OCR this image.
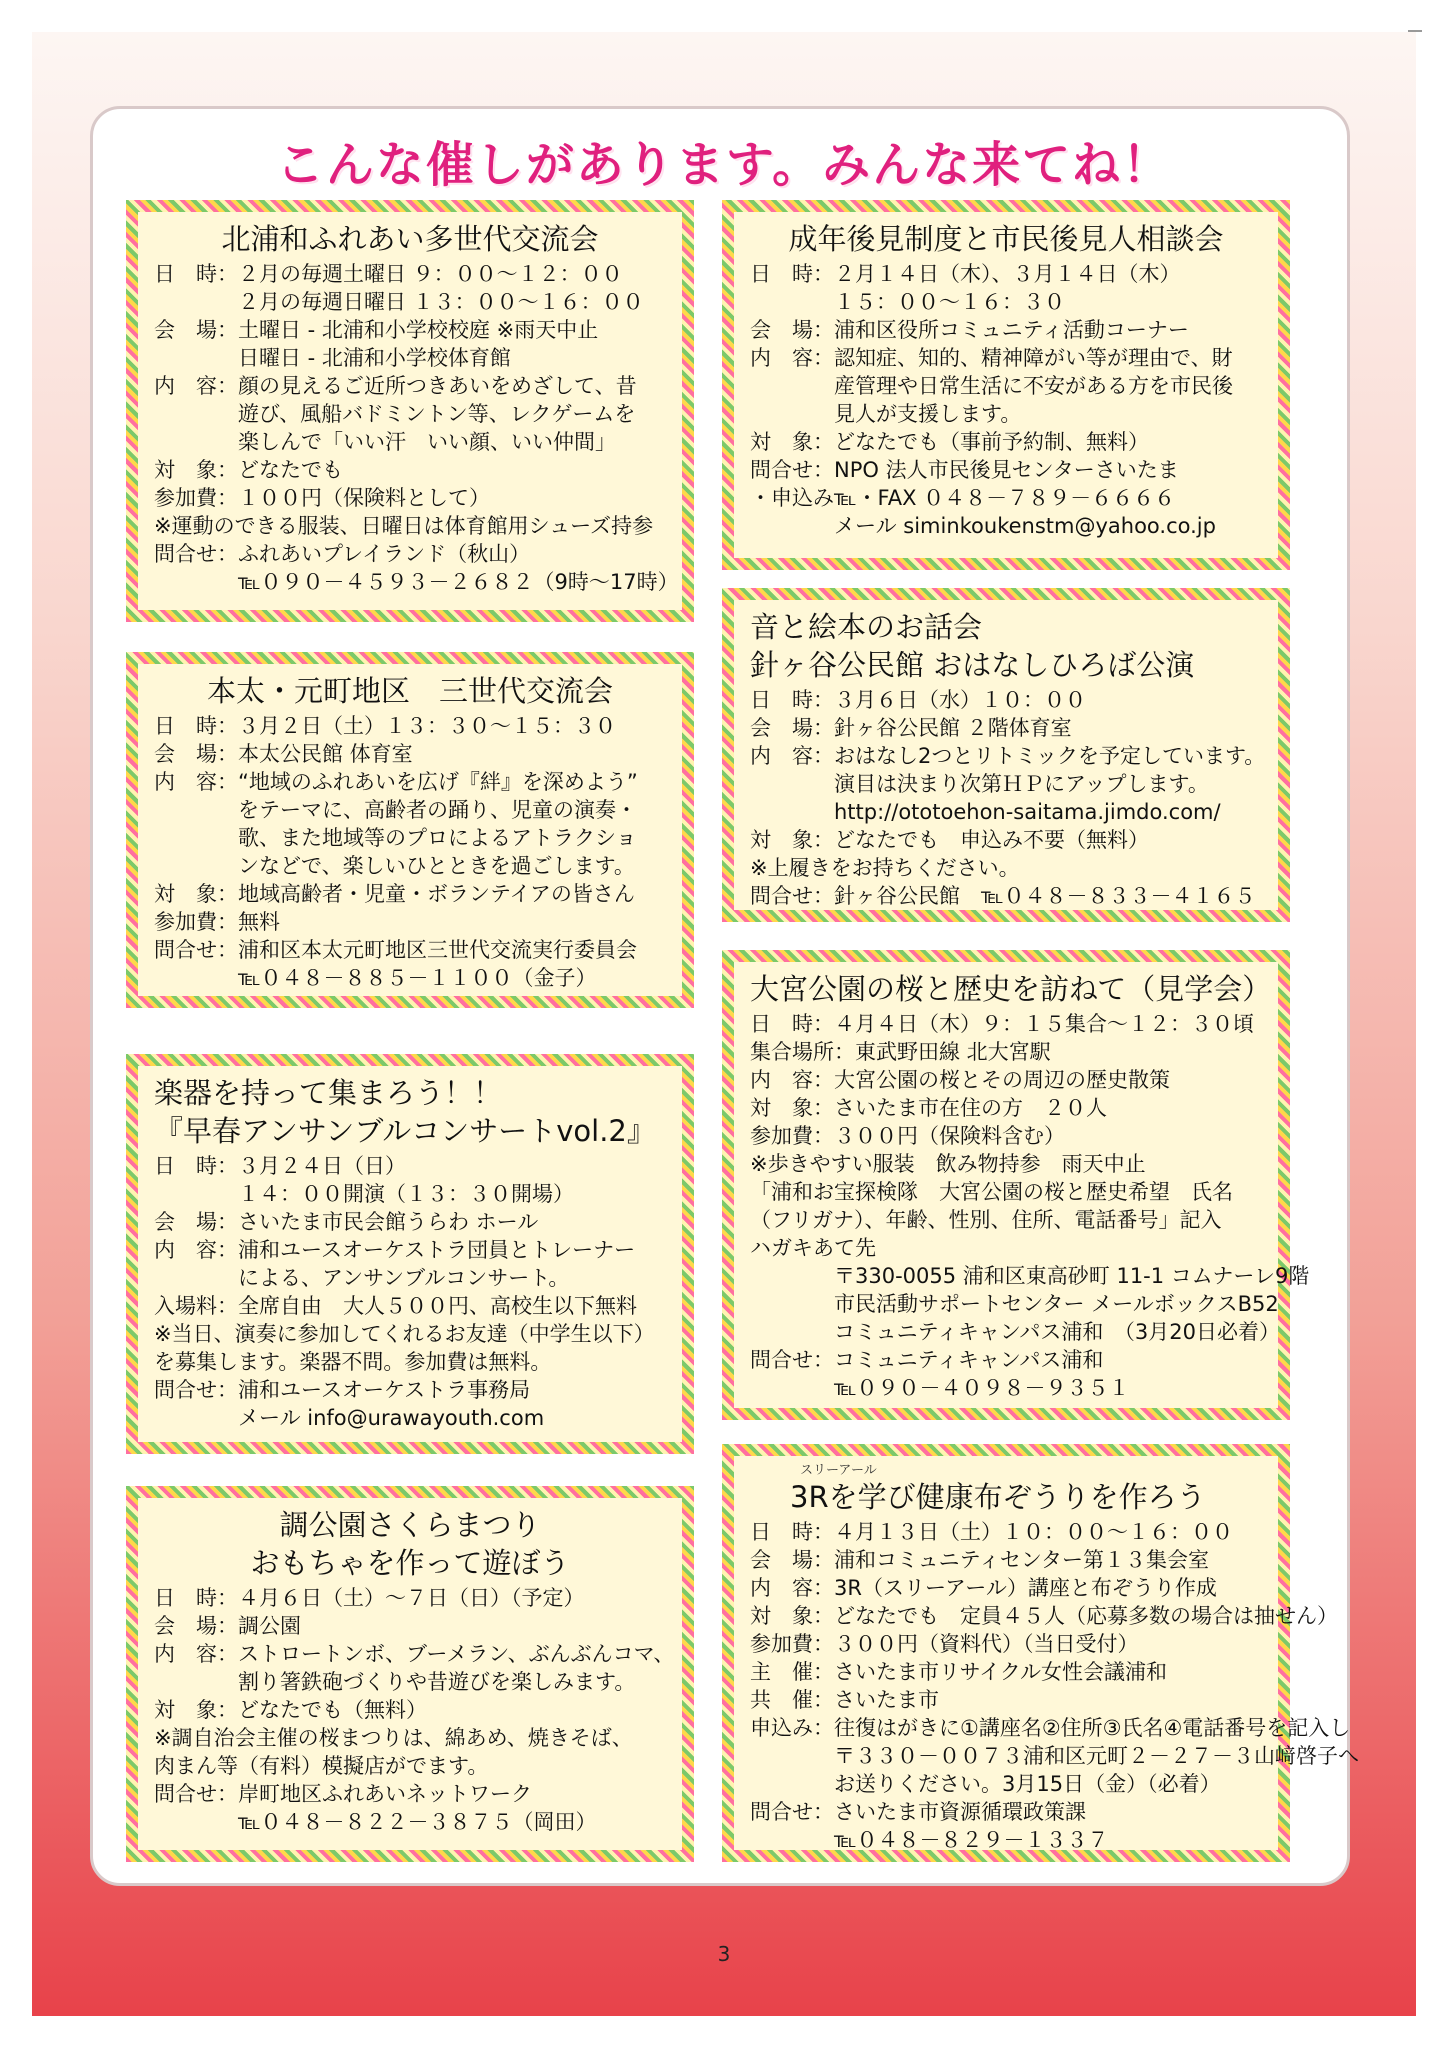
こんな催しがあります。みんな来てね！
北浦和ふれあい多世代交流会
日　時： ２月の毎週土曜日 ９：００～１２：００
　　　　２月の毎週日曜日 １３：００～１６：００
会　場： 土曜日 - 北浦和小学校校庭 ※雨天中止
　　　　日曜日 - 北浦和小学校体育館
内　容： 顔の見えるご近所つきあいをめざして、昔
　　　　遊び、風船バドミントン等、レクゲームを
　　　　楽しんで「いい汗　いい顔、いい仲間」
対　象： どなたでも
参加費： １００円（保険料として）
※運動のできる服装、日曜日は体育館用シューズ持参
問合せ： ふれあいプレイランド（秋山）
　　　　℡０９０－４５９３－２６８２（9時～17時）
本太・元町地区　三世代交流会
日　時： ３月２日（土）１３：３０～１５：３０
会　場： 本太公民館 体育室
内　容： “地域のふれあいを広げ『絆』を深めよう”
　　　　をテーマに、高齢者の踊り、児童の演奏・
　　　　歌、また地域等のプロによるアトラクショ
　　　　ンなどで、楽しいひとときを過ごします。
対　象： 地域高齢者・児童・ボランテイアの皆さん
参加費： 無料
問合せ： 浦和区本太元町地区三世代交流実行委員会
　　　　℡０４８－８８５－１１００（金子）
楽器を持って集まろう！！
『早春アンサンブルコンサートvol.2』
日　時： ３月２４日（日）
　　　　１４：００開演（１３：３０開場）
会　場： さいたま市民会館うらわ ホール
内　容： 浦和ユースオーケストラ団員とトレーナー
　　　　による、アンサンブルコンサート。
入場料： 全席自由　大人５００円、高校生以下無料
※当日、演奏に参加してくれるお友達（中学生以下）
を募集します。楽器不問。参加費は無料。
問合せ： 浦和ユースオーケストラ事務局
　　　　メール info@urawayouth.com
調公園さくらまつり
おもちゃを作って遊ぼう
日　時： ４月６日（土）～７日（日）（予定）
会　場： 調公園
内　容： ストロートンボ、ブーメラン、ぶんぶんコマ、
　　　　割り箸鉄砲づくりや昔遊びを楽しみます。
対　象： どなたでも（無料）
※調自治会主催の桜まつりは、綿あめ、焼きそば、
肉まん等（有料）模擬店がでます。
問合せ： 岸町地区ふれあいネットワーク
　　　　℡０４８－８２２－３８７５（岡田）
成年後見制度と市民後見人相談会
日　時： ２月１４日（木）、３月１４日（木）
　　　　１５：００～１６：３０
会　場： 浦和区役所コミュニティ活動コーナー
内　容： 認知症、知的、精神障がい等が理由で、財
　　　　産管理や日常生活に不安がある方を市民後
　　　　見人が支援します。
対　象： どなたでも（事前予約制、無料）
問合せ： NPO 法人市民後見センターさいたま
・申込み ℡・FAX ０４８－７８９－６６６６
　　　　メール siminkoukenstm@yahoo.co.jp
音と絵本のお話会
針ヶ谷公民館 おはなしひろば公演
日　時： ３月６日（水）１０：００
会　場： 針ヶ谷公民館 ２階体育室
内　容： おはなし2つとリトミックを予定しています。
　　　　演目は決まり次第ＨＰにアップします。
　　　　http://ototoehon-saitama.jimdo.com/
対　象： どなたでも　申込み不要（無料）
※上履きをお持ちください。
問合せ： 針ヶ谷公民館　℡０４８－８３３－４１６５
大宮公園の桜と歴史を訪ねて（見学会）
日　時： ４月４日（木）９：１５集合～１２：３０頃
集合場所： 東武野田線 北大宮駅
内　容： 大宮公園の桜とその周辺の歴史散策
対　象： さいたま市在住の方　２０人
参加費： ３００円（保険料含む）
※歩きやすい服装　飲み物持参　雨天中止
「浦和お宝探検隊　大宮公園の桜と歴史希望　氏名
（フリガナ）、年齢、性別、住所、電話番号」記入
ハガキあて先
　　　　〒330-0055 浦和区東高砂町 11-1 コムナーレ9階
　　　　市民活動サポートセンター メールボックスB52
　　　　コミュニティキャンパス浦和　（3月20日必着）
問合せ： コミュニティキャンパス浦和
　　　　℡０９０－４０９８－９３５１
スリーアール
3Rを学び健康布ぞうりを作ろう
日　時： ４月１３日（土）１０：００～１６：００
会　場： 浦和コミュニティセンター第１３集会室
内　容： 3R（スリーアール）講座と布ぞうり作成
対　象： どなたでも　定員４５人（応募多数の場合は抽せん）
参加費： ３００円（資料代）（当日受付）
主　催： さいたま市リサイクル女性会議浦和
共　催： さいたま市
申込み： 往復はがきに①講座名②住所③氏名④電話番号を記入し
　　　　〒３３０－００７３浦和区元町２－２７－３山﨑啓子へ
　　　　お送りください。3月15日（金）（必着）
問合せ： さいたま市資源循環政策課
　　　　℡０４８－８２９－１３３７
3
